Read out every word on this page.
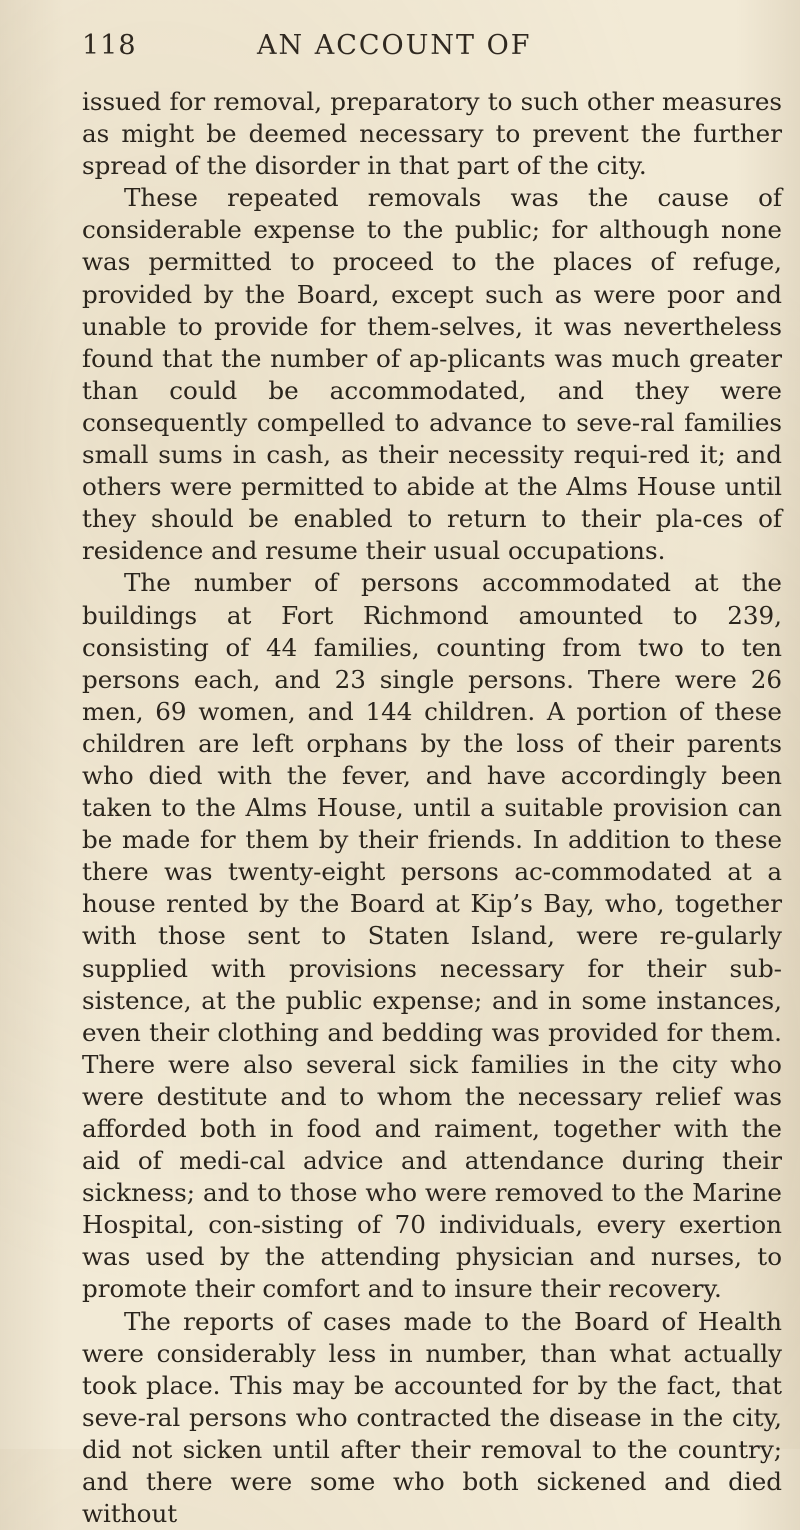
118	AN ACCOUNT OF

issued for removal, preparatory to such other measures as might be deemed necessary to prevent the further spread of the disorder in that part of the city.

These repeated removals was the cause of considerable expense to the public; for although none was permitted to proceed to the places of refuge, provided by the Board, except such as were poor and unable to provide for them-selves, it was nevertheless found that the number of ap-plicants was much greater than could be accommodated, and they were consequently compelled to advance to seve-ral families small sums in cash, as their necessity requi-red it; and others were permitted to abide at the Alms House until they should be enabled to return to their pla-ces of residence and resume their usual occupations.

The number of persons accommodated at the buildings at Fort Richmond amounted to 239, consisting of 44 families, counting from two to ten persons each, and 23 single persons. There were 26 men, 69 women, and 144 children. A portion of these children are left orphans by the loss of their parents who died with the fever, and have accordingly been taken to the Alms House, until a suitable provision can be made for them by their friends. In addition to these there was twenty-eight persons ac-commodated at a house rented by the Board at Kip’s Bay, who, together with those sent to Staten Island, were re-gularly supplied with provisions necessary for their sub-sistence, at the public expense; and in some instances, even their clothing and bedding was provided for them. There were also several sick families in the city who were destitute and to whom the necessary relief was afforded both in food and raiment, together with the aid of medi-cal advice and attendance during their sickness; and to those who were removed to the Marine Hospital, con-sisting of 70 individuals, every exertion was used by the attending physician and nurses, to promote their comfort and to insure their recovery.

The reports of cases made to the Board of Health were considerably less in number, than what actually took place. This may be accounted for by the fact, that seve-ral persons who contracted the disease in the city, did not sicken until after their removal to the country; and there were some who both sickened and died without
